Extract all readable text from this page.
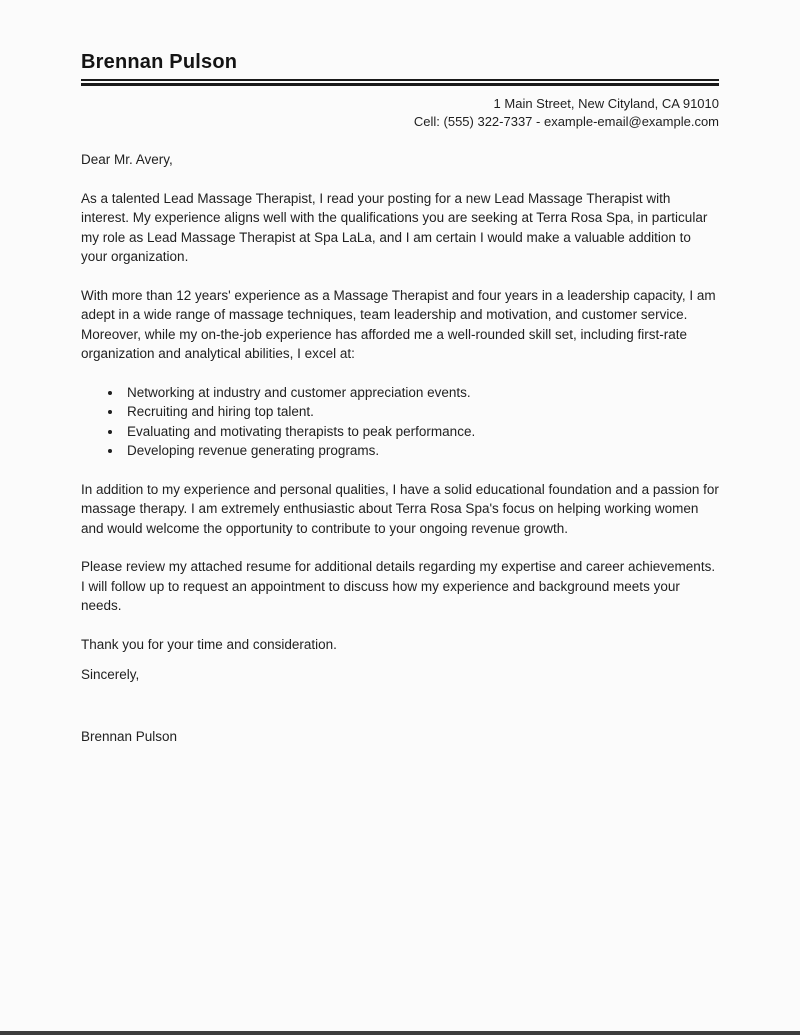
Brennan Pulson
1 Main Street, New Cityland, CA 91010
Cell: (555) 322-7337 - example-email@example.com

Dear Mr. Avery,

As a talented Lead Massage Therapist, I read your posting for a new Lead Massage Therapist with interest. My experience aligns well with the qualifications you are seeking at Terra Rosa Spa, in particular my role as Lead Massage Therapist at Spa LaLa, and I am certain I would make a valuable addition to your organization.

With more than 12 years' experience as a Massage Therapist and four years in a leadership capacity, I am adept in a wide range of massage techniques, team leadership and motivation, and customer service. Moreover, while my on-the-job experience has afforded me a well-rounded skill set, including first-rate organization and analytical abilities, I excel at:

• Networking at industry and customer appreciation events.
• Recruiting and hiring top talent.
• Evaluating and motivating therapists to peak performance.
• Developing revenue generating programs.

In addition to my experience and personal qualities, I have a solid educational foundation and a passion for massage therapy. I am extremely enthusiastic about Terra Rosa Spa's focus on helping working women and would welcome the opportunity to contribute to your ongoing revenue growth.

Please review my attached resume for additional details regarding my expertise and career achievements. I will follow up to request an appointment to discuss how my experience and background meets your needs.

Thank you for your time and consideration.

Sincerely,

Brennan Pulson
